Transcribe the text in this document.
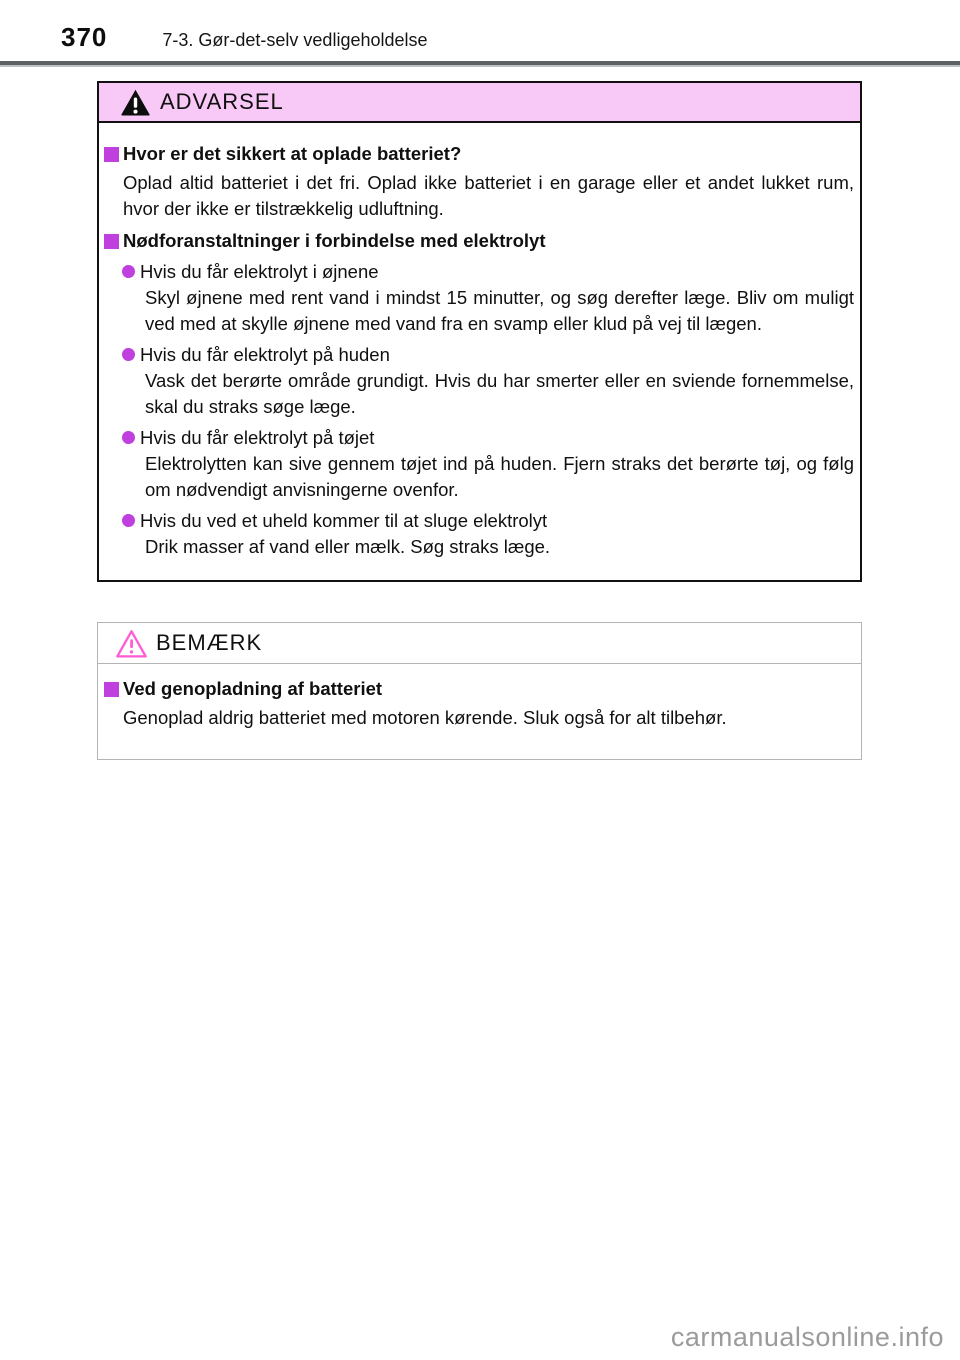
370	7-3. Gør-det-selv vedligeholdelse
ADVARSEL
Hvor er det sikkert at oplade batteriet?

Oplad altid batteriet i det fri. Oplad ikke batteriet i en garage eller et andet lukket rum, hvor der ikke er tilstrækkelig udluftning.

Nødforanstaltninger i forbindelse med elektrolyt
Hvis du får elektrolyt i øjnene

Skyl øjnene med rent vand i mindst 15 minutter, og søg derefter læge. Bliv om muligt ved med at skylle øjnene med vand fra en svamp eller klud på vej til lægen.

Hvis du får elektrolyt på huden

Vask det berørte område grundigt. Hvis du har smerter eller en sviende fornemmelse, skal du straks søge læge.

Hvis du får elektrolyt på tøjet

Elektrolytten kan sive gennem tøjet ind på huden. Fjern straks det berørte tøj, og følg om nødvendigt anvisningerne ovenfor.

Hvis du ved et uheld kommer til at sluge elektrolyt

Drik masser af vand eller mælk. Søg straks læge.

BEMÆRK
Ved genopladning af batteriet

Genoplad aldrig batteriet med motoren kørende. Sluk også for alt tilbehør.

carmanualsonline.info
